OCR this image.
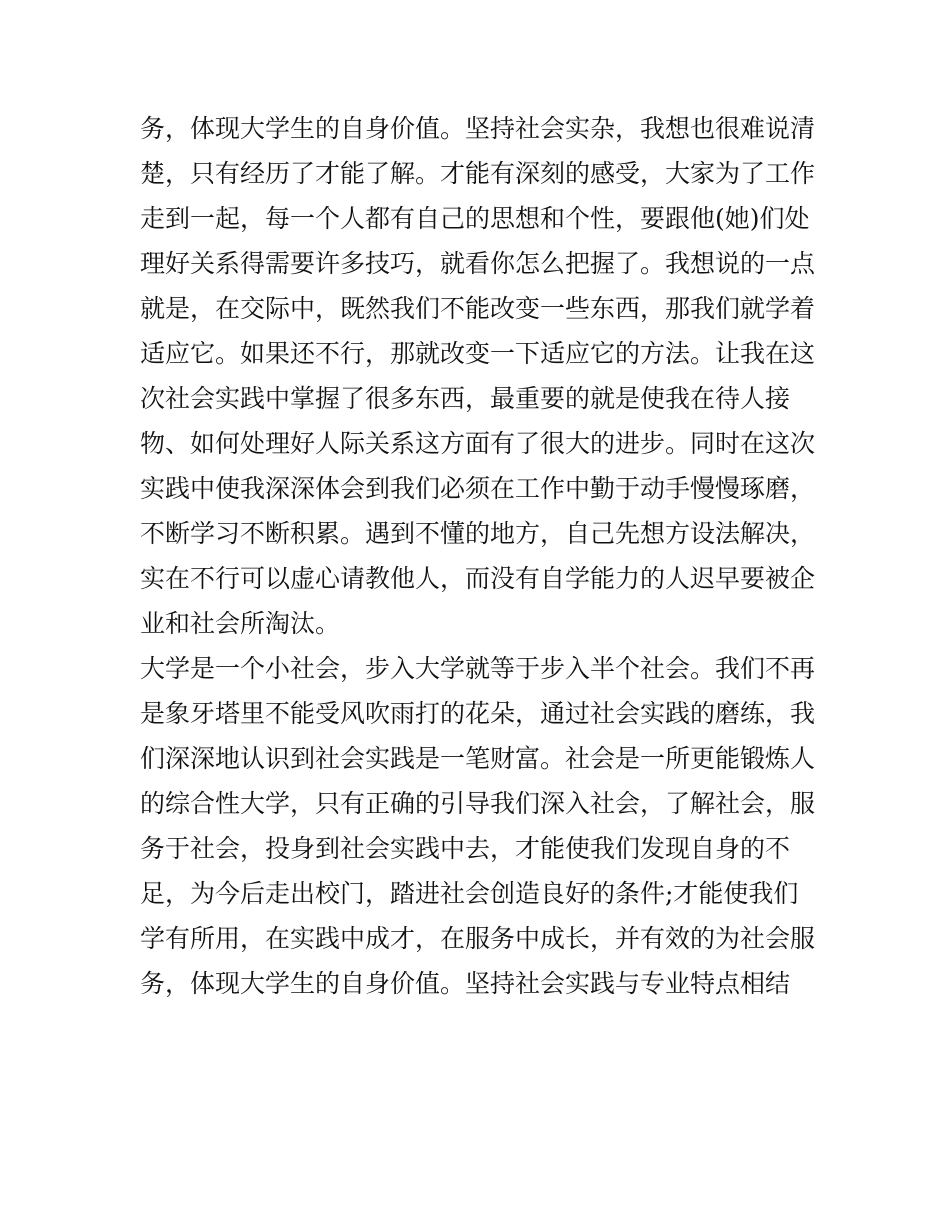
务，体现大学生的自身价值。坚持社会实杂，我想也很难说清
楚，只有经历了才能了解。才能有深刻的感受，大家为了工作
走到一起，每一个人都有自己的思想和个性，要跟他(她)们处
理好关系得需要许多技巧，就看你怎么把握了。我想说的一点
就是，在交际中，既然我们不能改变一些东西，那我们就学着
适应它。如果还不行，那就改变一下适应它的方法。让我在这
次社会实践中掌握了很多东西，最重要的就是使我在待人接
物、如何处理好人际关系这方面有了很大的进步。同时在这次
实践中使我深深体会到我们必须在工作中勤于动手慢慢琢磨，
不断学习不断积累。遇到不懂的地方，自己先想方设法解决，
实在不行可以虚心请教他人，而没有自学能力的人迟早要被企
业和社会所淘汰。
大学是一个小社会，步入大学就等于步入半个社会。我们不再
是象牙塔里不能受风吹雨打的花朵，通过社会实践的磨练，我
们深深地认识到社会实践是一笔财富。社会是一所更能锻炼人
的综合性大学，只有正确的引导我们深入社会，了解社会，服
务于社会，投身到社会实践中去，才能使我们发现自身的不
足，为今后走出校门，踏进社会创造良好的条件;才能使我们
学有所用，在实践中成才，在服务中成长，并有效的为社会服
务，体现大学生的自身价值。坚持社会实践与专业特点相结
